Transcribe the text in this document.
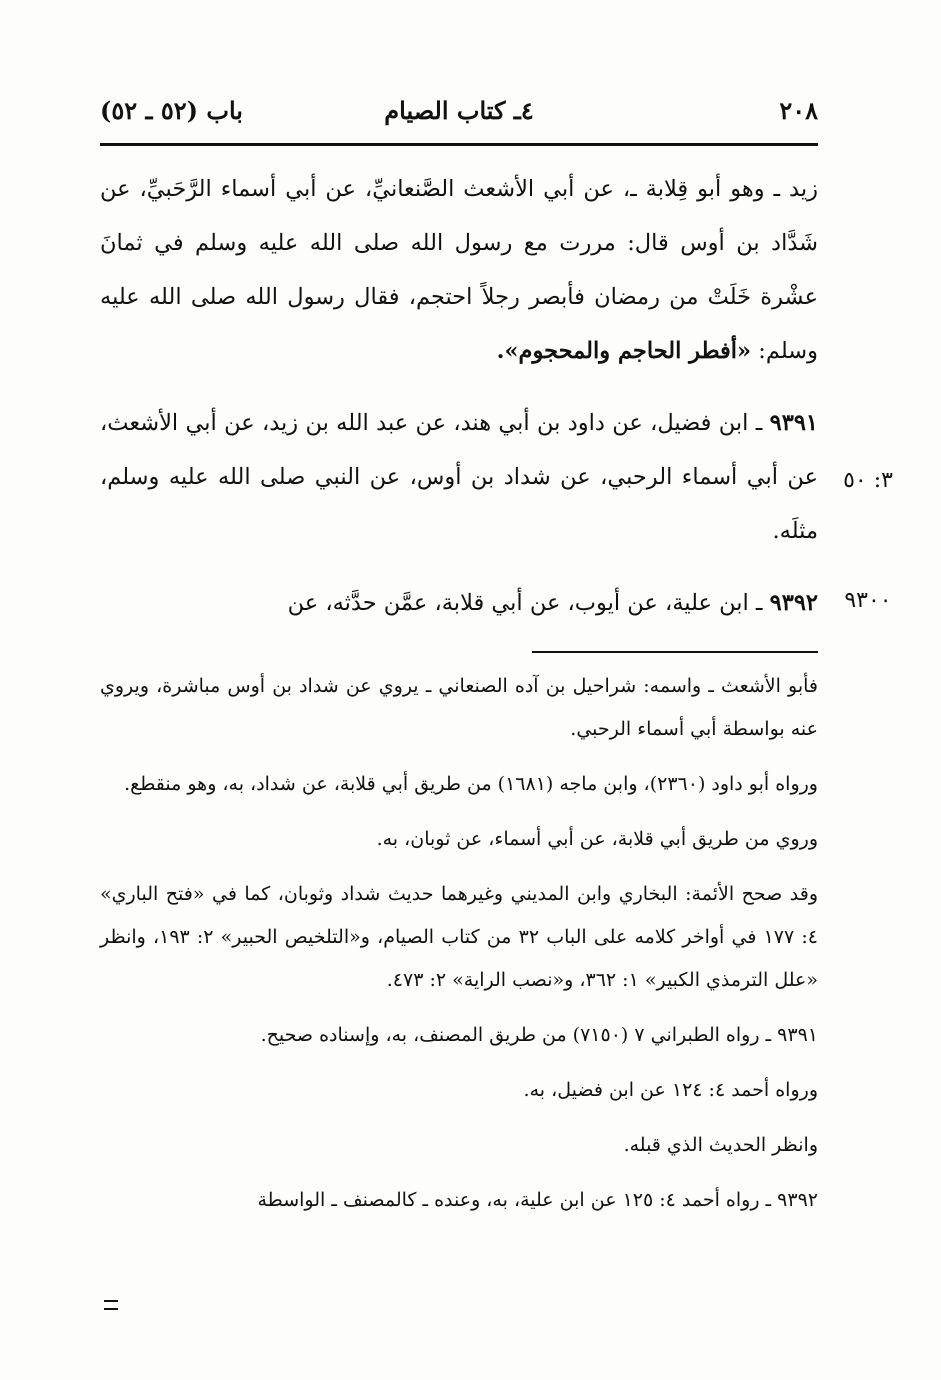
٢٠٨
٤ـ كتاب الصيام
باب (٥٢ ـ ٥٢)

زيد ـ وهو أبو قِلابة ـ، عن أبي الأشعث الصَّنعانيِّ، عن أبي أسماء الرَّحَبيِّ، عن شَدَّاد بن أوس قال: مررت مع رسول الله صلى الله عليه وسلم في ثمانَ عشْرة خَلَتْ من رمضان فأبصر رجلاً احتجم، فقال رسول الله صلى الله عليه وسلم: «أفطر الحاجم والمحجوم».

٩٣٩١ ـ ابن فضيل، عن داود بن أبي هند، عن عبد الله بن زيد، عن أبي الأشعث، عن أبي أسماء الرحبي، عن شداد بن أوس، عن النبي صلى الله عليه وسلم، مثلَه.

٩٣٩٢ ـ ابن علية، عن أيوب، عن أبي قلابة، عمَّن حدَّثه، عن

٣: ٥٠
٩٣٠٠

فأبو الأشعث ـ واسمه: شراحيل بن آده الصنعاني ـ يروي عن شداد بن أوس مباشرة، ويروي عنه بواسطة أبي أسماء الرحبي.

ورواه أبو داود (٢٣٦٠)، وابن ماجه (١٦٨١) من طريق أبي قلابة، عن شداد، به، وهو منقطع.

وروي من طريق أبي قلابة، عن أبي أسماء، عن ثوبان، به.

وقد صحح الأئمة: البخاري وابن المديني وغيرهما حديث شداد وثوبان، كما في «فتح الباري» ٤: ١٧٧ في أواخر كلامه على الباب ٣٢ من كتاب الصيام، و«التلخيص الحبير» ٢: ١٩٣، وانظر «علل الترمذي الكبير» ١: ٣٦٢، و«نصب الراية» ٢: ٤٧٣.

٩٣٩١ ـ رواه الطبراني ٧ (٧١٥٠) من طريق المصنف، به، وإسناده صحيح.

ورواه أحمد ٤: ١٢٤ عن ابن فضيل، به.

وانظر الحديث الذي قبله.

٩٣٩٢ ـ رواه أحمد ٤: ١٢٥ عن ابن علية، به، وعنده ـ كالمصنف ـ الواسطة
